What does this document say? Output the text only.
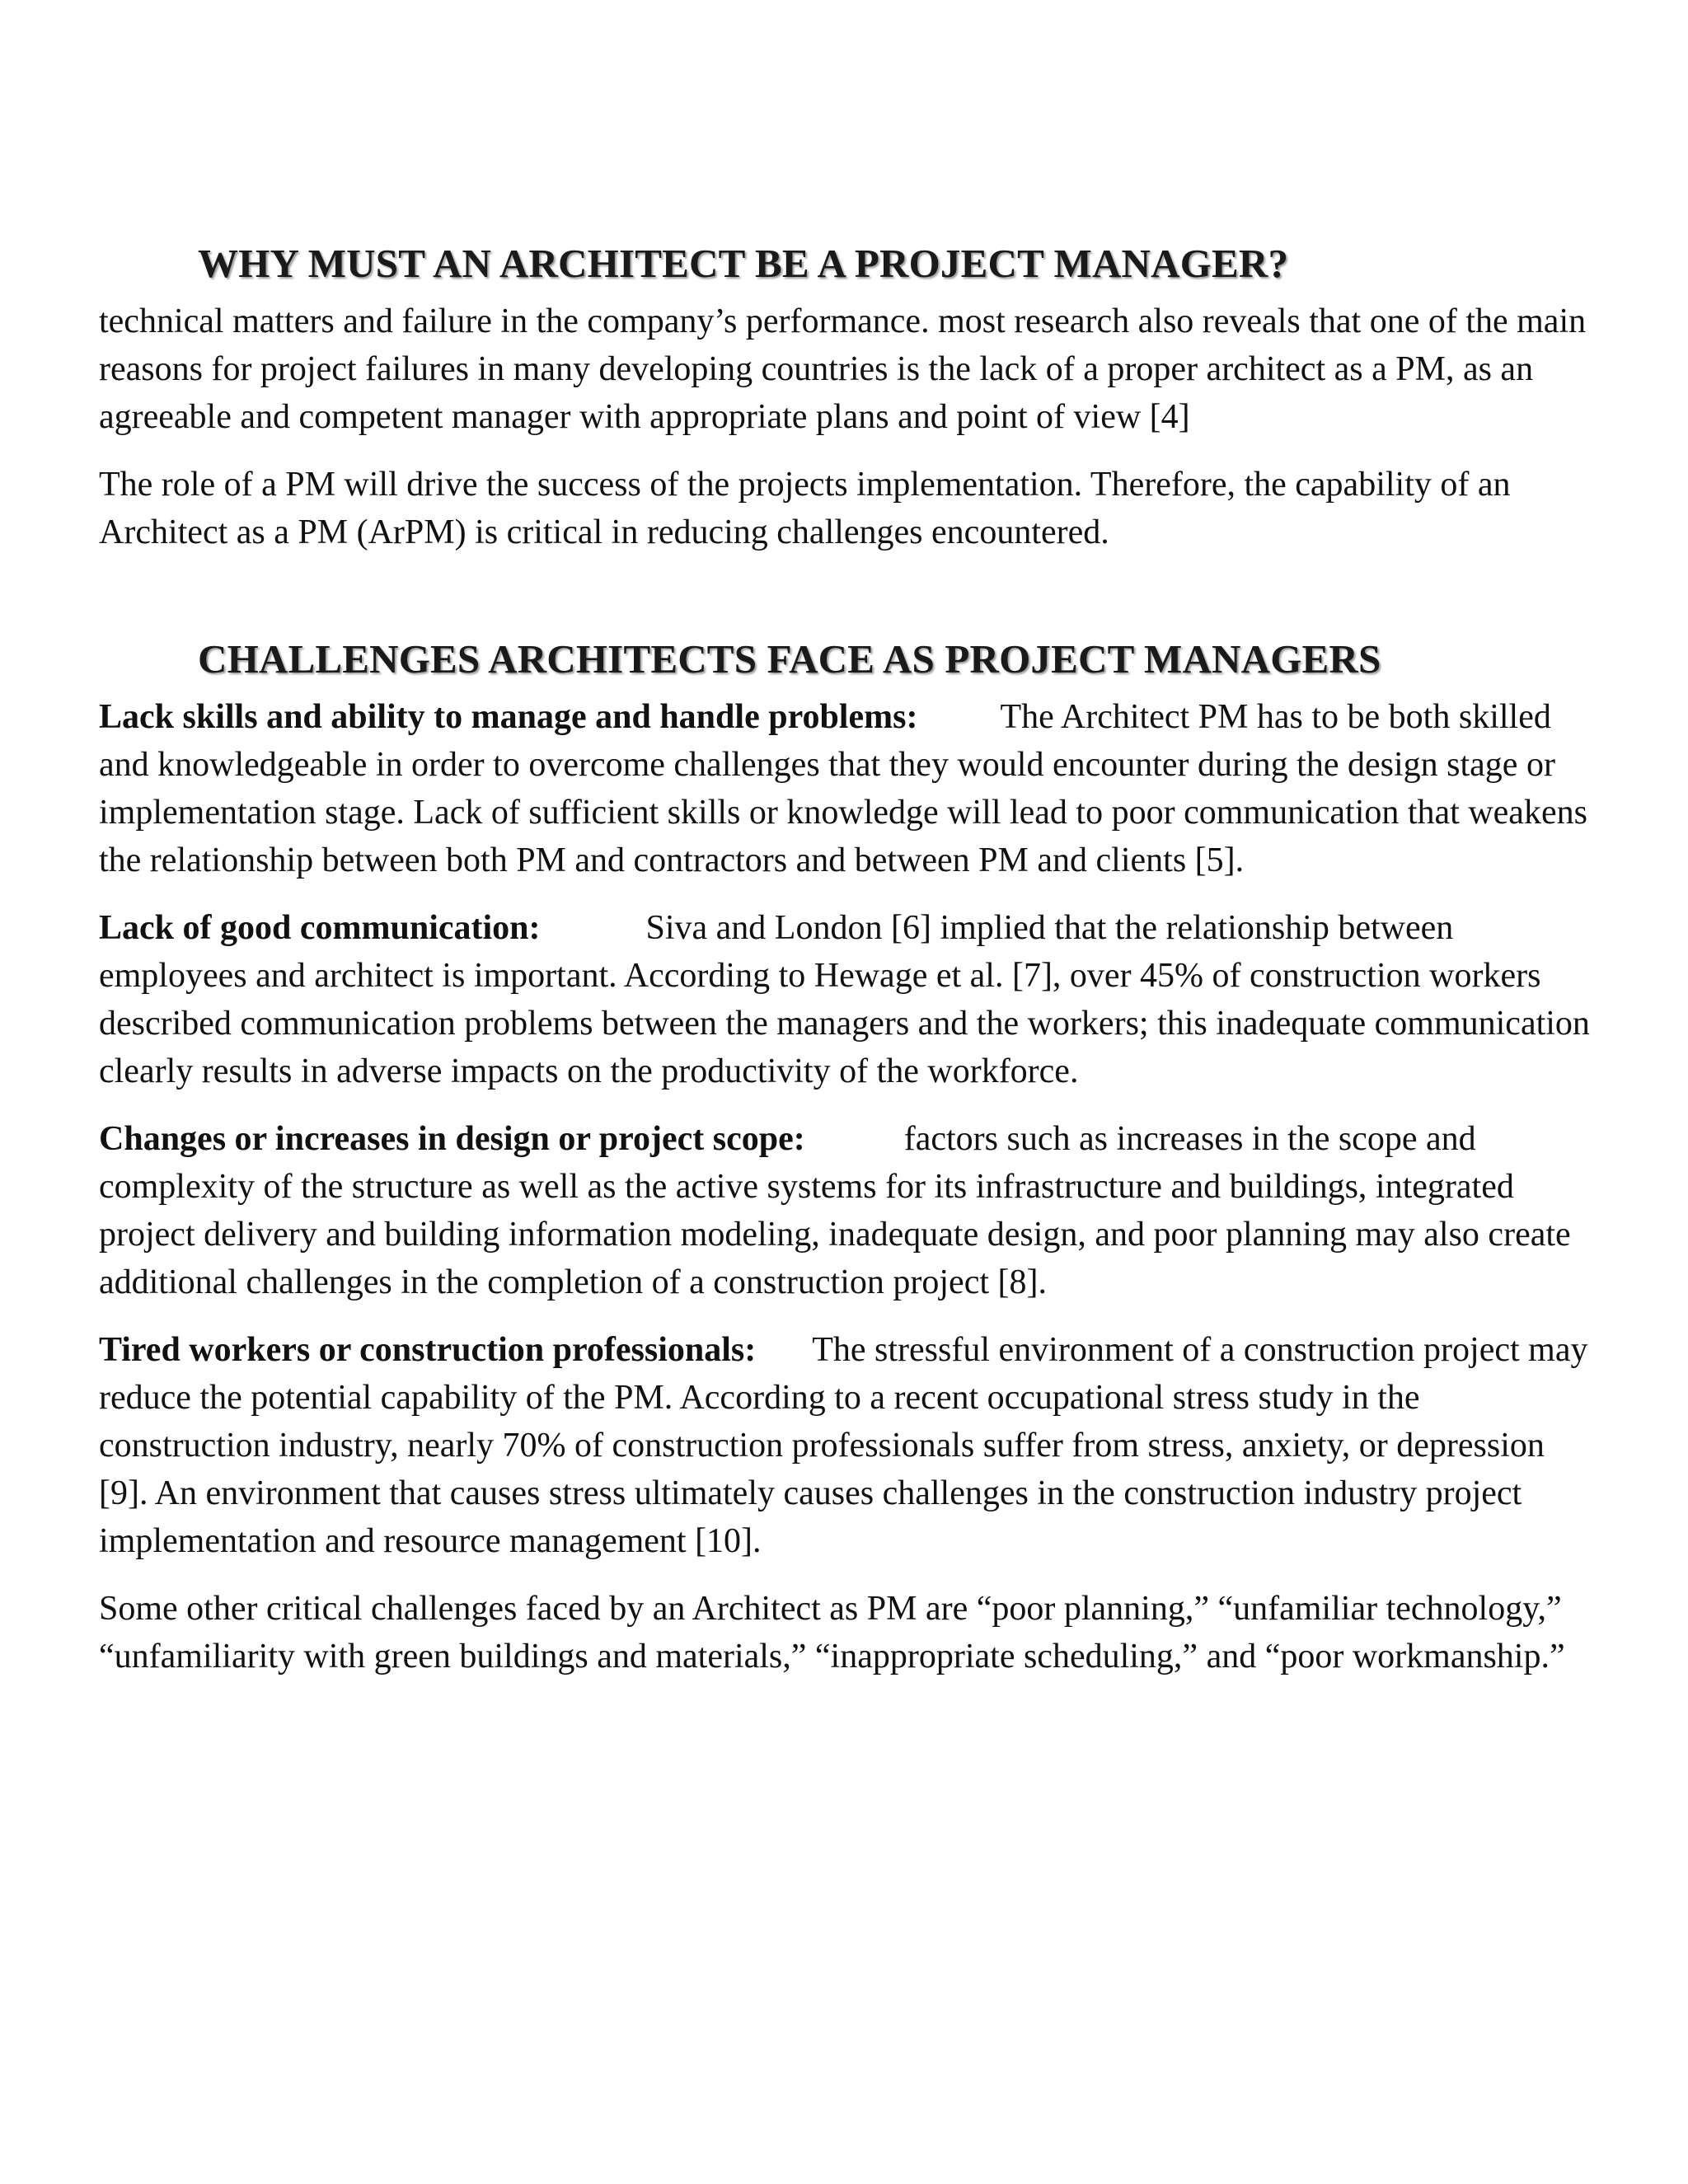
WHY MUST AN ARCHITECT BE A PROJECT MANAGER?

technical matters and failure in the company’s performance. most research also reveals that one of the main reasons for project failures in many developing countries is the lack of a proper architect as a PM, as an agreeable and competent manager with appropriate plans and point of view [4]

The role of a PM will drive the success of the projects implementation. Therefore, the capability of an Architect as a PM (ArPM) is critical in reducing challenges encountered.

CHALLENGES ARCHITECTS FACE AS PROJECT MANAGERS

Lack skills and ability to manage and handle problems: The Architect PM has to be both skilled and knowledgeable in order to overcome challenges that they would encounter during the design stage or implementation stage. Lack of sufficient skills or knowledge will lead to poor communication that weakens the relationship between both PM and contractors and between PM and clients [5].

Lack of good communication:	Siva and London [6] implied that the relationship between employees and architect is important. According to Hewage et al. [7], over 45% of construction workers described communication problems between the managers and the workers; this inadequate communication clearly results in adverse impacts on the productivity of the workforce.

Changes or increases in design or project scope:	factors such as increases in the scope and complexity of the structure as well as the active systems for its infrastructure and buildings, integrated project delivery and building information modeling, inadequate design, and poor planning may also create additional challenges in the completion of a construction project [8].

Tired workers or construction professionals: The stressful environment of a construction project may reduce the potential capability of the PM. According to a recent occupational stress study in the construction industry, nearly 70% of construction professionals suffer from stress, anxiety, or depression [9]. An environment that causes stress ultimately causes challenges in the construction industry project implementation and resource management [10].

Some other critical challenges faced by an Architect as PM are “poor planning,” “unfamiliar technology,” “unfamiliarity with green buildings and materials,” “inappropriate scheduling,” and “poor workmanship.”
